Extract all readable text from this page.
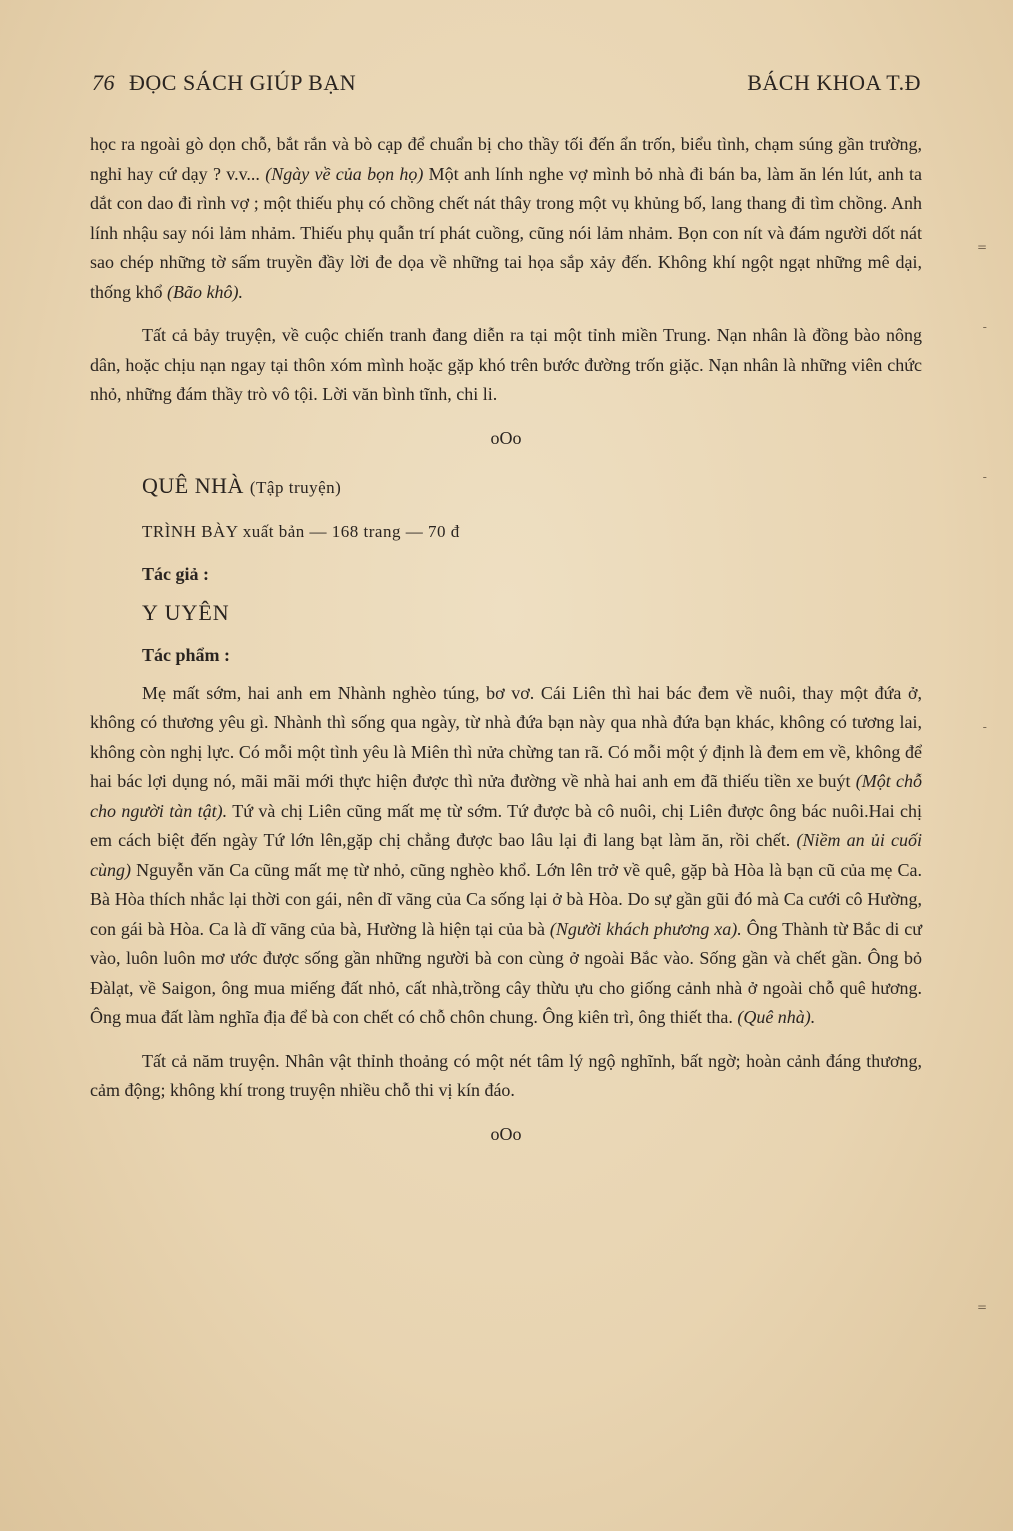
76 ĐỌC SÁCH GIÚP BẠN	BÁCH KHOA T.Đ

học ra ngoài gò dọn chỗ, bắt rắn và bò cạp để chuẩn bị cho thầy tối đến ẩn trốn, biểu tình, chạm súng gần trường, nghỉ hay cứ dạy ? v.v... (Ngày về của bọn họ) Một anh lính nghe vợ mình bỏ nhà đi bán ba, làm ăn lén lút, anh ta dắt con dao đi rình vợ ; một thiếu phụ có chồng chết nát thây trong một vụ khủng bố, lang thang đi tìm chồng. Anh lính nhậu say nói lảm nhảm. Thiếu phụ quẫn trí phát cuồng, cũng nói lảm nhảm. Bọn con nít và đám người dốt nát sao chép những tờ sấm truyền đầy lời đe dọa về những tai họa sắp xảy đến. Không khí ngột ngạt những mê dại, thống khổ (Bão khô).

Tất cả bảy truyện, về cuộc chiến tranh đang diễn ra tại một tỉnh miền Trung. Nạn nhân là đồng bào nông dân, hoặc chịu nạn ngay tại thôn xóm mình hoặc gặp khó trên bước đường trốn giặc. Nạn nhân là những viên chức nhỏ, những đám thầy trò vô tội. Lời văn bình tĩnh, chi li.

oOo
QUÊ NHÀ (Tập truyện)
TRÌNH BÀY xuất bản — 168 trang — 70 đ
Tác giả :
Y UYÊN
Tác phẩm :

Mẹ mất sớm, hai anh em Nhành nghèo túng, bơ vơ. Cái Liên thì hai bác đem về nuôi, thay một đứa ở, không có thương yêu gì. Nhành thì sống qua ngày, từ nhà đứa bạn này qua nhà đứa bạn khác, không có tương lai, không còn nghị lực. Có mỗi một tình yêu là Miên thì nửa chừng tan rã. Có mỗi một ý định là đem em về, không để hai bác lợi dụng nó, mãi mãi mới thực hiện được thì nửa đường về nhà hai anh em đã thiếu tiền xe buýt (Một chỗ cho người tàn tật). Tứ và chị Liên cũng mất mẹ từ sớm. Tứ được bà cô nuôi, chị Liên được ông bác nuôi.Hai chị em cách biệt đến ngày Tứ lớn lên,gặp chị chẳng được bao lâu lại đi lang bạt làm ăn, rồi chết. (Niềm an ủi cuối cùng) Nguyễn văn Ca cũng mất mẹ từ nhỏ, cũng nghèo khổ. Lớn lên trở về quê, gặp bà Hòa là bạn cũ của mẹ Ca. Bà Hòa thích nhắc lại thời con gái, nên dĩ vãng của Ca sống lại ở bà Hòa. Do sự gần gũi đó mà Ca cưới cô Hường, con gái bà Hòa. Ca là dĩ vãng của bà, Hường là hiện tại của bà (Người khách phương xa). Ông Thành từ Bắc di cư vào, luôn luôn mơ ước được sống gần những người bà con cùng ở ngoài Bắc vào. Sống gần và chết gần. Ông bỏ Đàlạt, về Saigon, ông mua miếng đất nhỏ, cất nhà,trồng cây thừu ựu cho giống cảnh nhà ở ngoài chỗ quê hương. Ông mua đất làm nghĩa địa để bà con chết có chỗ chôn chung. Ông kiên trì, ông thiết tha. (Quê nhà).

Tất cả năm truyện. Nhân vật thỉnh thoảng có một nét tâm lý ngộ nghĩnh, bất ngờ; hoàn cảnh đáng thương, cảm động; không khí trong truyện nhiều chỗ thi vị kín đáo.

oOo
=
-
-
-
=
